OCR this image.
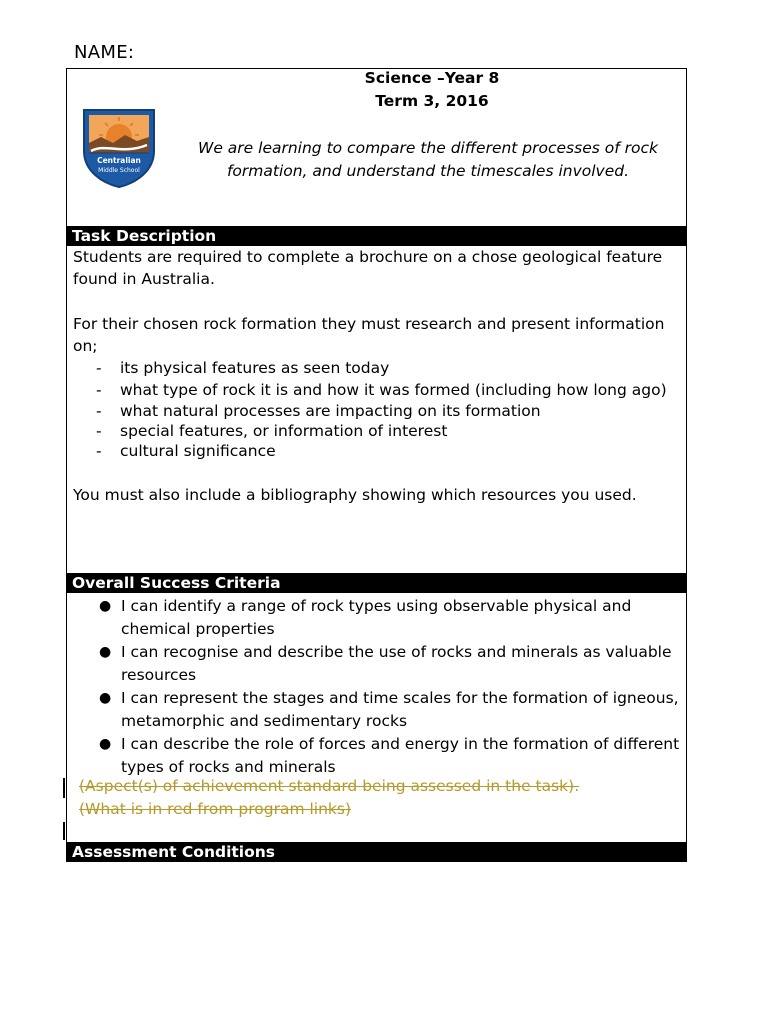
NAME:
Centralian
Middle School
Science –Year 8
Term 3, 2016
We are learning to compare the different processes of rock formation, and understand the timescales involved.
Task Description

Students are required to complete a brochure on a chose geological feature found in Australia.

For their chosen rock formation they must research and present information on;

- its physical features as seen today
- what type of rock it is and how it was formed (including how long ago)
- what natural processes are impacting on its formation
- special features, or information of interest
- cultural significance

You must also include a bibliography showing which resources you used.

Overall Success Criteria
● I can identify a range of rock types using observable physical and chemical properties
● I can recognise and describe the use of rocks and minerals as valuable resources
● I can represent the stages and time scales for the formation of igneous, metamorphic and sedimentary rocks
● I can describe the role of forces and energy in the formation of different types of rocks and minerals
(Aspect(s) of achievement standard being assessed in the task).
(What is in red from program links)
Assessment Conditions
